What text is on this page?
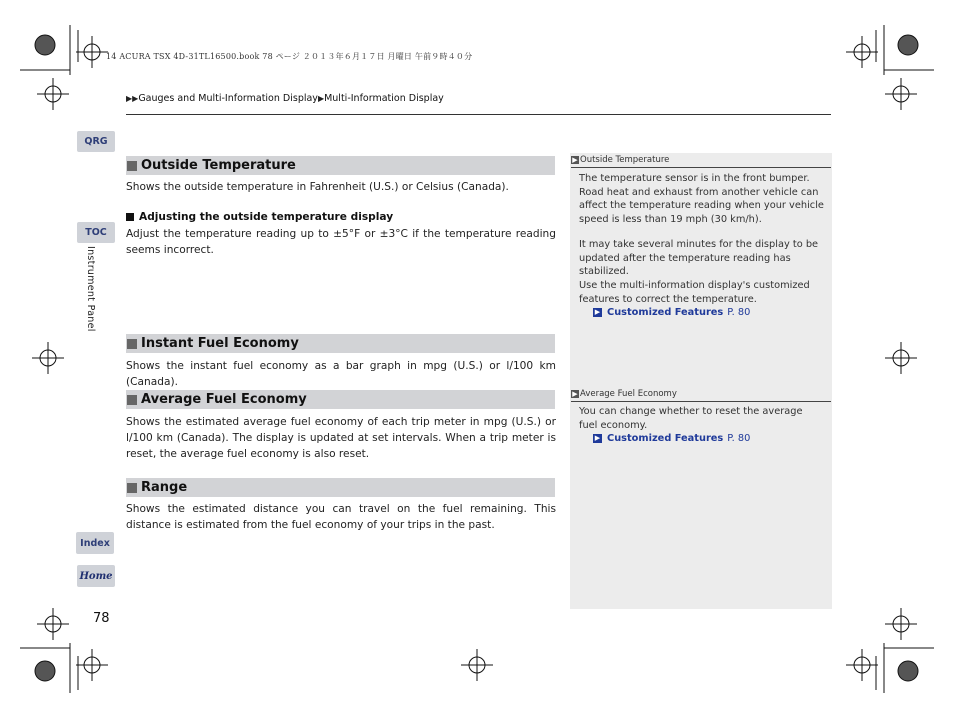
14 ACURA TSX 4D-31TL16500.book 78 ページ ２０１３年６月１７日 月曜日 午前９時４０分
▶▶Gauges and Multi-Information Display▶Multi-Information Display
QRG
TOC
Instrument Panel
Index
Home
Outside Temperature
Shows the outside temperature in Fahrenheit (U.S.) or Celsius (Canada).
Adjusting the outside temperature display
Adjust the temperature reading up to ±5°F or ±3°C if the temperature reading seems incorrect.
Instant Fuel Economy
Shows the instant fuel economy as a bar graph in mpg (U.S.) or l/100 km (Canada).
Average Fuel Economy
Shows the estimated average fuel economy of each trip meter in mpg (U.S.) or l/100 km (Canada). The display is updated at set intervals. When a trip meter is reset, the average fuel economy is also reset.
Range
Shows the estimated distance you can travel on the fuel remaining. This distance is estimated from the fuel economy of your trips in the past.
▶ Outside Temperature
The temperature sensor is in the front bumper. Road heat and exhaust from another vehicle can affect the temperature reading when your vehicle speed is less than 19 mph (30 km/h).
It may take several minutes for the display to be updated after the temperature reading has stabilized.
Use the multi-information display's customized features to correct the temperature.
▶ Customized Features P. 80
▶ Average Fuel Economy
You can change whether to reset the average fuel economy.
▶ Customized Features P. 80
78
